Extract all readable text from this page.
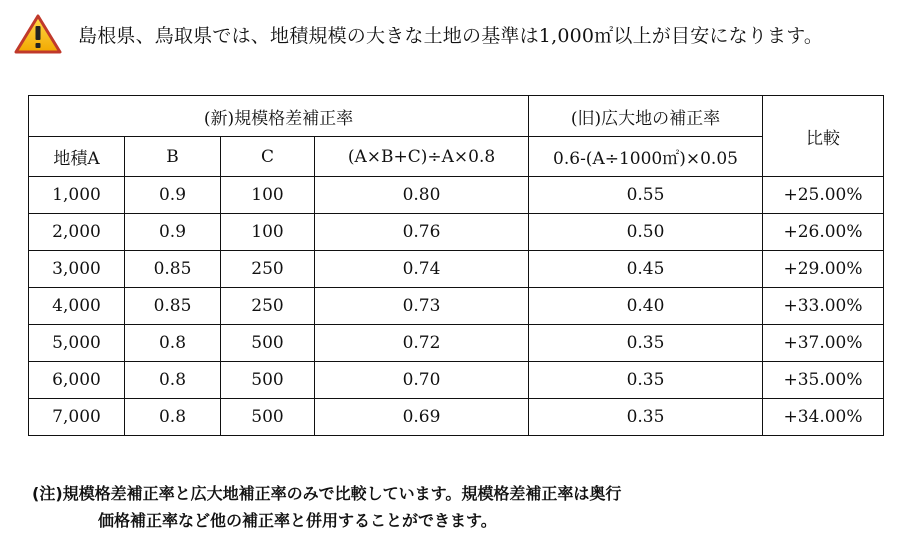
島根県、鳥取県では、地積規模の大きな土地の基準は1,000㎡以上が目安になります。
(新)規模格差補正率				(旧)広大地の補正率	比較
地積A	B	C	(A×B+C)÷A×0.8	0.6-(A÷1000㎡)×0.05	
1,000	0.9	100	0.80	0.55	+25.00%
2,000	0.9	100	0.76	0.50	+26.00%
3,000	0.85	250	0.74	0.45	+29.00%
4,000	0.85	250	0.73	0.40	+33.00%
5,000	0.8	500	0.72	0.35	+37.00%
6,000	0.8	500	0.70	0.35	+35.00%
7,000	0.8	500	0.69	0.35	+34.00%
(注)規模格差補正率と広大地補正率のみで比較しています。規模格差補正率は奥行
価格補正率など他の補正率と併用することができます。
